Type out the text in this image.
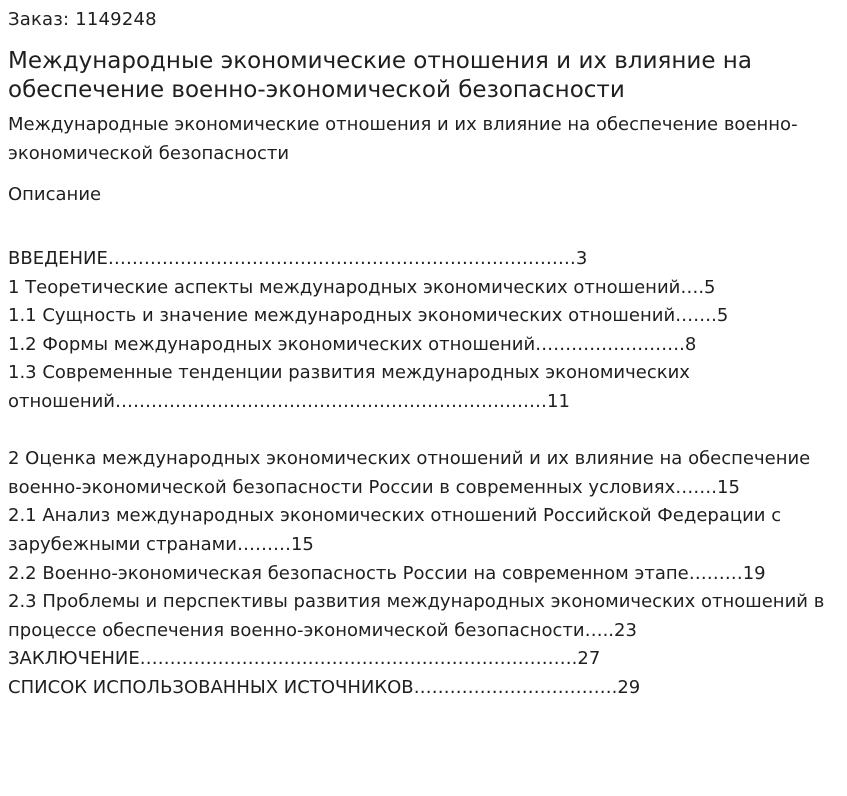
Заказ: 1149248

Международные экономические отношения и их влияние на обеспечение военно-экономической безопасности

Международные экономические отношения и их влияние на обеспечение военно-экономической безопасности

Описание

ВВЕДЕНИЕ……………………………………………………………………3
1 Теоретические аспекты международных экономических отношений….5
1.1 Сущность и значение международных экономических отношений…….5
1.2 Формы международных экономических отношений…………………….8
1.3 Современные тенденции развития международных экономических отношений………………………………………………………………11
2 Оценка международных экономических отношений и их влияние на обеспечение военно-экономической безопасности России в современных условиях…….15
2.1 Анализ международных экономических отношений Российской Федерации с зарубежными странами………15
2.2 Военно-экономическая безопасность России на современном этапе………19
2.3 Проблемы и перспективы развития международных экономических отношений в процессе обеспечения военно-экономической безопасности…..23
ЗАКЛЮЧЕНИЕ……………………………………………………………….27
СПИСОК ИСПОЛЬЗОВАННЫХ ИСТОЧНИКОВ…………………………….29
